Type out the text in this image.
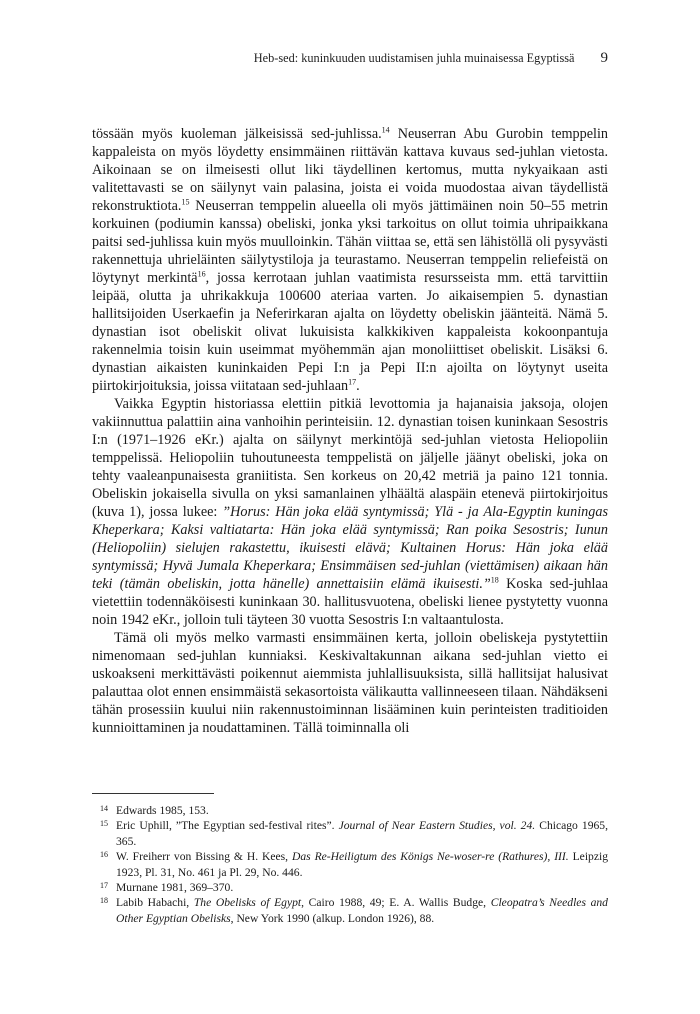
Heb-sed: kuninkuuden uudistamisen juhla muinaisessa Egyptissä 9

tössään myös kuoleman jälkeisissä sed-juhlissa.$^{14}$ Neuserran Abu Gurobin temppelin kappaleista on myös löydetty ensimmäinen riittävän kattava kuvaus sed-juhlan vietosta. Aikoinaan se on ilmeisesti ollut liki täydellinen kertomus, mutta nykyaikaan asti valitettavasti se on säilynyt vain palasina, joista ei voida muodostaa aivan täydellistä rekonstruktiota.$^{15}$ Neuserran temppelin alueella oli myös jättimäinen noin 50–55 metrin korkuinen (podiumin kanssa) obeliski, jonka yksi tarkoitus on ollut toimia uhripaikkana paitsi sed-juhlissa kuin myös muulloinkin. Tähän viittaa se, että sen lähistöllä oli pysyvästi rakennettuja uhrieläinten säilytystiloja ja teurastamo. Neuserran temppelin reliefeistä on löytynyt merkintä$^{16}$, jossa kerrotaan juhlan vaatimista resursseista mm. että tarvittiin leipää, olutta ja uhrikakkuja 100600 ateriaa varten. Jo aikaisempien 5. dynastian hallitsijoiden Userkaefin ja Neferirkaran ajalta on löydetty obeliskin jäänteitä. Nämä 5. dynastian isot obeliskit olivat lukuisista kalkkikiven kappaleista kokoonpantuja rakennelmia toisin kuin useimmat myöhemmän ajan monoliittiset obeliskit. Lisäksi 6. dynastian aikaisten kuninkaiden Pepi I:n ja Pepi II:n ajoilta on löytynyt useita piirtokirjoituksia, joissa viitataan sed-juhlaan$^{17}$.

Vaikka Egyptin historiassa elettiin pitkiä levottomia ja hajanaisia jaksoja, olojen vakiinnuttua palattiin aina vanhoihin perinteisiin. 12. dynastian toisen kuninkaan Sesostris I:n (1971–1926 eKr.) ajalta on säilynyt merkintöjä sed-juhlan vietosta Heliopoliin temppelissä. Heliopoliin tuhoutuneesta temppelistä on jäljelle jäänyt obeliski, joka on tehty vaaleanpunaisesta graniitista. Sen korkeus on 20,42 metriä ja paino 121 tonnia. Obeliskin jokaisella sivulla on yksi samanlainen ylhäältä alaspäin etenevä piirtokirjoitus (kuva 1), jossa lukee: ”Horus: Hän joka elää syntymissä; Ylä - ja Ala-Egyptin kuningas Kheperkara; Kaksi valtiatarta: Hän joka elää syntymissä; Ran poika Sesostris; Iunun (Heliopoliin) sielujen rakastettu, ikuisesti elävä; Kultainen Horus: Hän joka elää syntymissä; Hyvä Jumala Kheperkara; Ensimmäisen sed-juhlan (viettämisen) aikaan hän teki (tämän obeliskin, jotta hänelle) annettaisiin elämä ikuisesti.”$^{18}$ Koska sed-juhlaa vietettiin todennäköisesti kuninkaan 30. hallitusvuotena, obeliski lienee pystytetty vuonna noin 1942 eKr., jolloin tuli täyteen 30 vuotta Sesostris I:n valtaantulosta.

Tämä oli myös melko varmasti ensimmäinen kerta, jolloin obeliskeja pystytettiin nimenomaan sed-juhlan kunniaksi. Keskivaltakunnan aikana sed-juhlan vietto ei uskoakseni merkittävästi poikennut aiemmista juhlallisuuksista, sillä hallitsijat halusivat palauttaa olot ennen ensimmäistä sekasortoista välikautta vallinneeseen tilaan. Nähdäkseni tähän prosessiin kuului niin rakennustoiminnan lisääminen kuin perinteisten traditioiden kunnioittaminen ja noudattaminen. Tällä toiminnalla oli

14 Edwards 1985, 153.

15 Eric Uphill, ”The Egyptian sed-festival rites”. Journal of Near Eastern Studies, vol. 24. Chicago 1965, 365.

16 W. Freiherr von Bissing & H. Kees, Das Re-Heiligtum des Königs Ne-woser-re (Rathures), III. Leipzig 1923, Pl. 31, No. 461 ja Pl. 29, No. 446.

17 Murnane 1981, 369–370.

18 Labib Habachi, The Obelisks of Egypt, Cairo 1988, 49; E. A. Wallis Budge, Cleopatra’s Needles and Other Egyptian Obelisks, New York 1990 (alkup. London 1926), 88.
